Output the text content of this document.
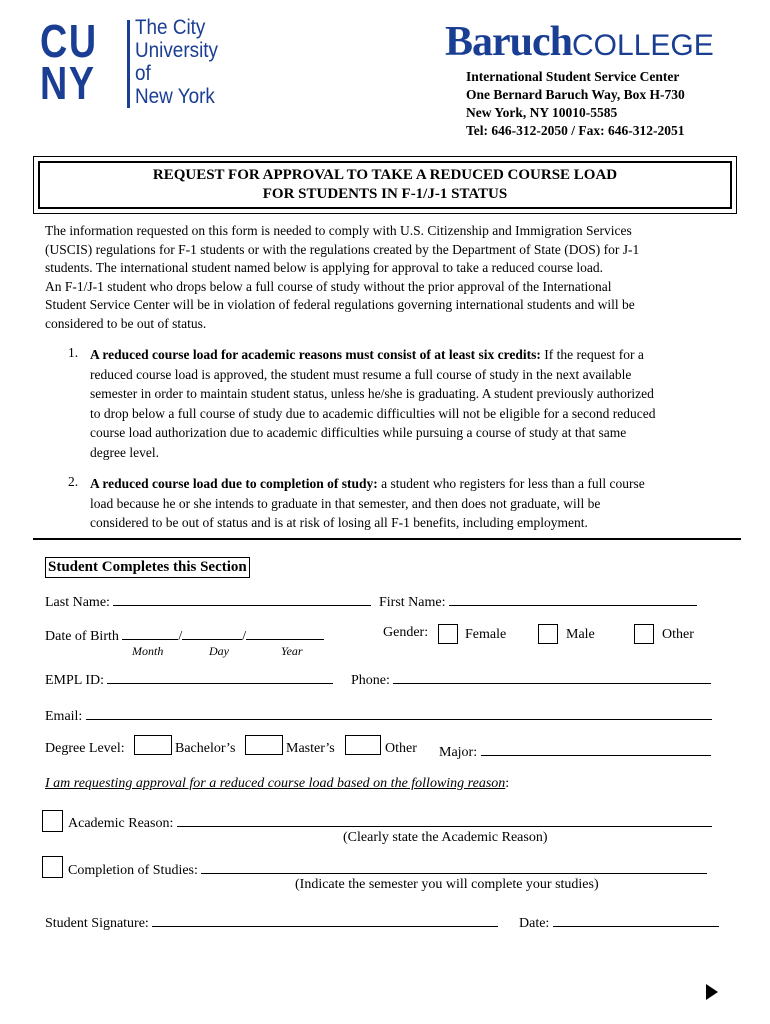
CU
NY
The City
University
of
New York
BaruchCOLLEGE
International Student Service Center
One Bernard Baruch Way, Box H-730
New York, NY 10010-5585
Tel: 646-312-2050 / Fax: 646-312-2051
REQUEST FOR APPROVAL TO TAKE A REDUCED COURSE LOAD
FOR STUDENTS IN F-1/J-1 STATUS
The information requested on this form is needed to comply with U.S. Citizenship and Immigration Services
(USCIS) regulations for F-1 students or with the regulations created by the Department of State (DOS) for J-1
students. The international student named below is applying for approval to take a reduced course load.
An F-1/J-1 student who drops below a full course of study without the prior approval of the International
Student Service Center will be in violation of federal regulations governing international students and will be
considered to be out of status.
1. A reduced course load for academic reasons must consist of at least six credits: If the request for a
reduced course load is approved, the student must resume a full course of study in the next available
semester in order to maintain student status, unless he/she is graduating. A student previously authorized
to drop below a full course of study due to academic difficulties will not be eligible for a second reduced
course load authorization due to academic difficulties while pursuing a course of study at that same
degree level.
2. A reduced course load due to completion of study: a student who registers for less than a full course
load because he or she intends to graduate in that semester, and then does not graduate, will be
considered to be out of status and is at risk of losing all F-1 benefits, including employment.
Student Completes this Section
Last Name:	First Name:
Date of Birth	/	/
Month	Day	Year
Gender:	Female	Male	Other
EMPL ID:	Phone:
Email:
Degree Level:	Bachelor’s	Master’s	Other Major:
I am requesting approval for a reduced course load based on the following reason:
Academic Reason:
(Clearly state the Academic Reason)
Completion of Studies:
(Indicate the semester you will complete your studies)
Student Signature:	Date:
